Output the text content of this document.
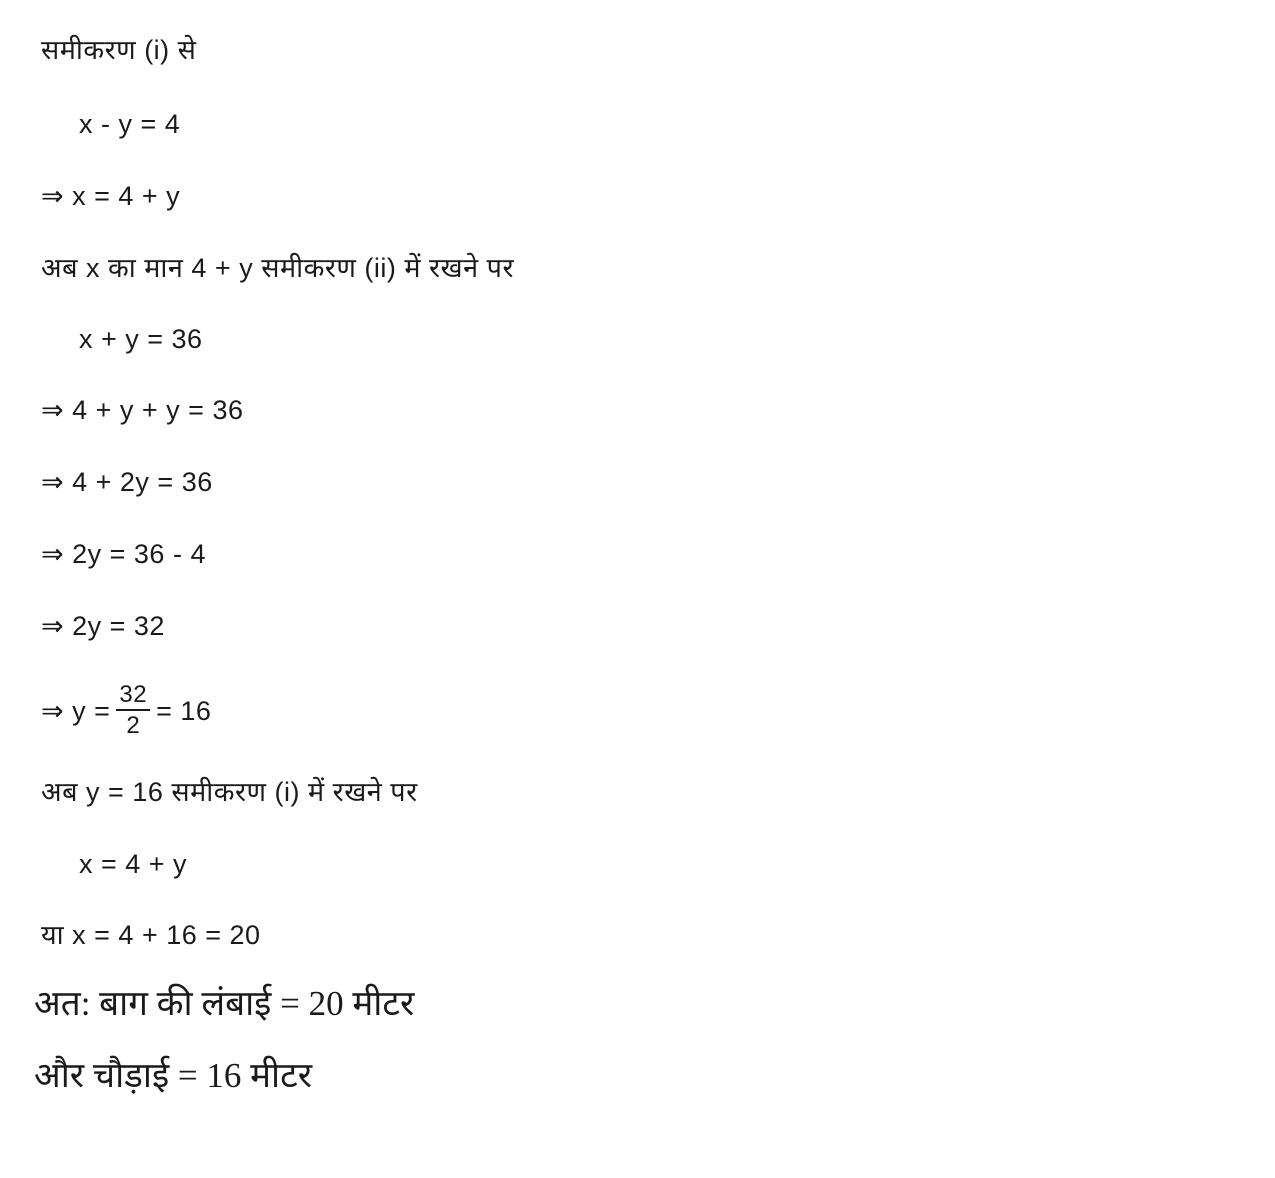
समीकरण (i) से
x - y = 4
⇒ x = 4 + y
अब x का मान 4 + y समीकरण (ii) में रखने पर
x + y = 36
⇒ 4 + y + y = 36
⇒ 4 + 2y = 36
⇒ 2y = 36 - 4
⇒ 2y = 32
⇒ $y = \frac{32}{2} = 16$
अब y = 16 समीकरण (i) में रखने पर
x = 4 + y
या x = 4 + 16 = 20
अत: बाग की लंबाई = 20 मीटर
और चौड़ाई = 16 मीटर
